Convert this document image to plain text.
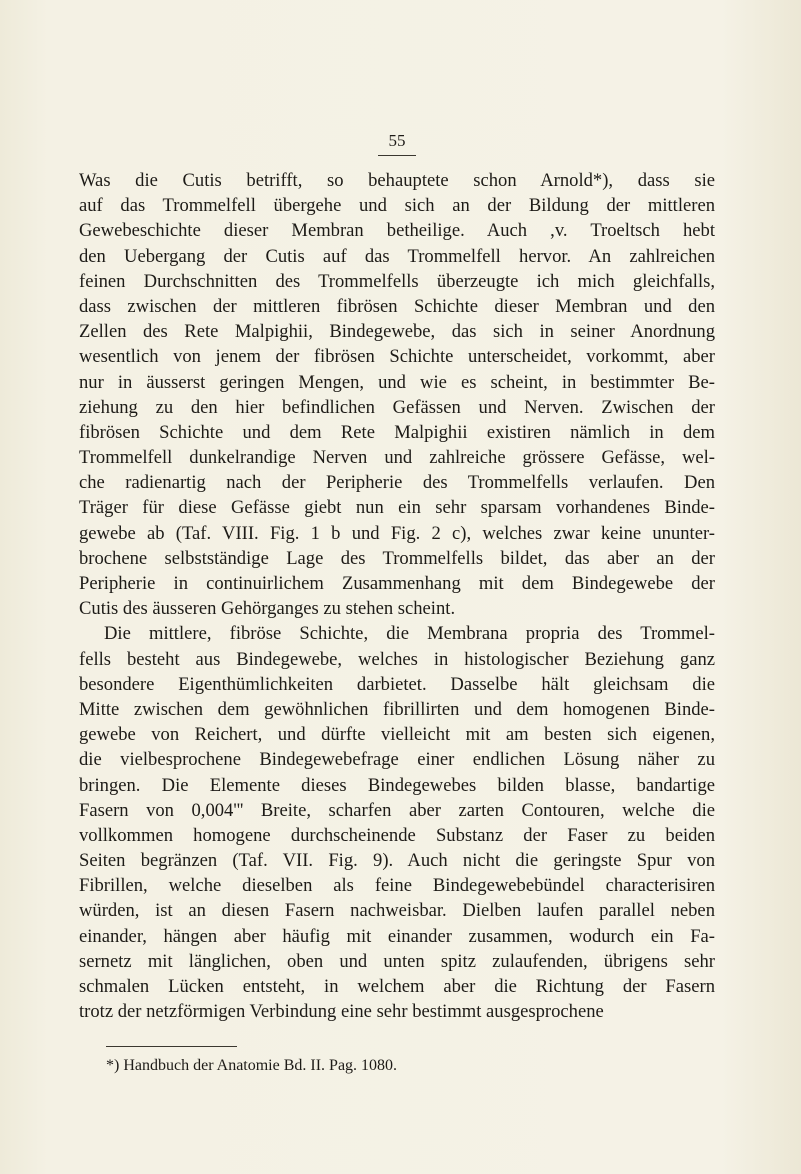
55
Was die Cutis betrifft, so behauptete schon Arnold*), dass sie
auf das Trommelfell übergehe und sich an der Bildung der mittleren
Gewebeschichte dieser Membran betheilige. Auch ,v. Troeltsch hebt
den Uebergang der Cutis auf das Trommelfell hervor. An zahlreichen
feinen Durchschnitten des Trommelfells überzeugte ich mich gleichfalls,
dass zwischen der mittleren fibrösen Schichte dieser Membran und den
Zellen des Rete Malpighii, Bindegewebe, das sich in seiner Anordnung
wesentlich von jenem der fibrösen Schichte unterscheidet, vorkommt, aber
nur in äusserst geringen Mengen, und wie es scheint, in bestimmter Be-
ziehung zu den hier befindlichen Gefässen und Nerven. Zwischen der
fibrösen Schichte und dem Rete Malpighii existiren nämlich in dem
Trommelfell dunkelrandige Nerven und zahlreiche grössere Gefässe, wel-
che radienartig nach der Peripherie des Trommelfells verlaufen. Den
Träger für diese Gefässe giebt nun ein sehr sparsam vorhandenes Binde-
gewebe ab (Taf. VIII. Fig. 1 b und Fig. 2 c), welches zwar keine ununter-
brochene selbstständige Lage des Trommelfells bildet, das aber an der
Peripherie in continuirlichem Zusammenhang mit dem Bindegewebe der
Cutis des äusseren Gehörganges zu stehen scheint.
Die mittlere, fibröse Schichte, die Membrana propria des Trommel-
fells besteht aus Bindegewebe, welches in histologischer Beziehung ganz
besondere Eigenthümlichkeiten darbietet. Dasselbe hält gleichsam die
Mitte zwischen dem gewöhnlichen fibrillirten und dem homogenen Binde-
gewebe von Reichert, und dürfte vielleicht mit am besten sich eigenen,
die vielbesprochene Bindegewebefrage einer endlichen Lösung näher zu
bringen. Die Elemente dieses Bindegewebes bilden blasse, bandartige
Fasern von 0,004''' Breite, scharfen aber zarten Contouren, welche die
vollkommen homogene durchscheinende Substanz der Faser zu beiden
Seiten begränzen (Taf. VII. Fig. 9). Auch nicht die geringste Spur von
Fibrillen, welche dieselben als feine Bindegewebebündel characterisiren
würden, ist an diesen Fasern nachweisbar. Dielben laufen parallel neben
einander, hängen aber häufig mit einander zusammen, wodurch ein Fa-
sernetz mit länglichen, oben und unten spitz zulaufenden, übrigens sehr
schmalen Lücken entsteht, in welchem aber die Richtung der Fasern
trotz der netzförmigen Verbindung eine sehr bestimmt ausgesprochene
*) Handbuch der Anatomie Bd. II. Pag. 1080.
